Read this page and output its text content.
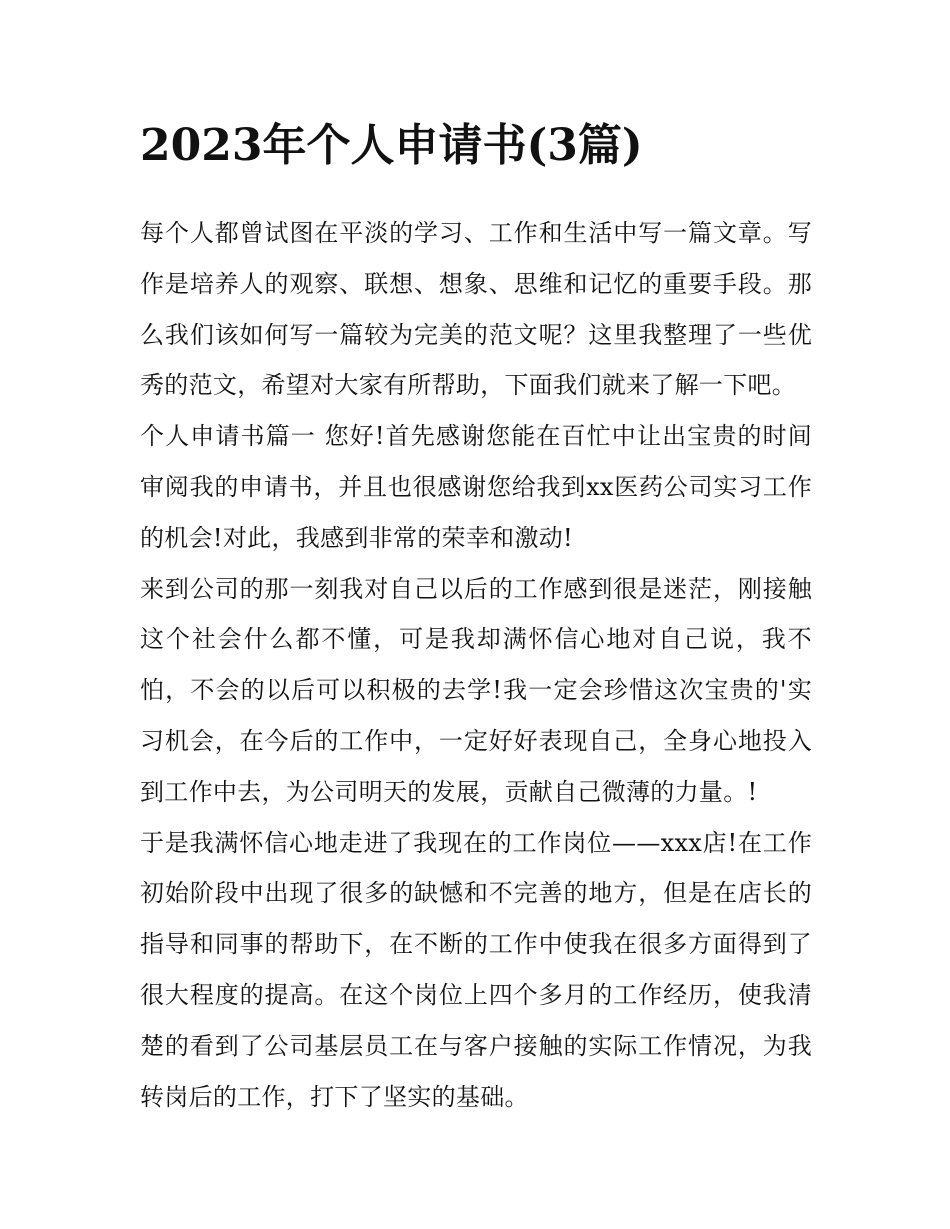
2023年个人申请书(3篇)

每个人都曾试图在平淡的学习、工作和生活中写一篇文章。写作是培养人的观察、联想、想象、思维和记忆的重要手段。那么我们该如何写一篇较为完美的范文呢？这里我整理了一些优秀的范文，希望对大家有所帮助，下面我们就来了解一下吧。

个人申请书篇一 您好!首先感谢您能在百忙中让出宝贵的时间审阅我的申请书，并且也很感谢您给我到xx医药公司实习工作的机会!对此，我感到非常的荣幸和激动!

来到公司的那一刻我对自己以后的工作感到很是迷茫，刚接触这个社会什么都不懂，可是我却满怀信心地对自己说，我不怕，不会的以后可以积极的去学!我一定会珍惜这次宝贵的'实习机会，在今后的工作中，一定好好表现自己，全身心地投入到工作中去，为公司明天的发展，贡献自己微薄的力量。!

于是我满怀信心地走进了我现在的工作岗位——xxx店!在工作初始阶段中出现了很多的缺憾和不完善的地方，但是在店长的指导和同事的帮助下，在不断的工作中使我在很多方面得到了很大程度的提高。在这个岗位上四个多月的工作经历，使我清楚的看到了公司基层员工在与客户接触的实际工作情况，为我转岗后的工作，打下了坚实的基础。
